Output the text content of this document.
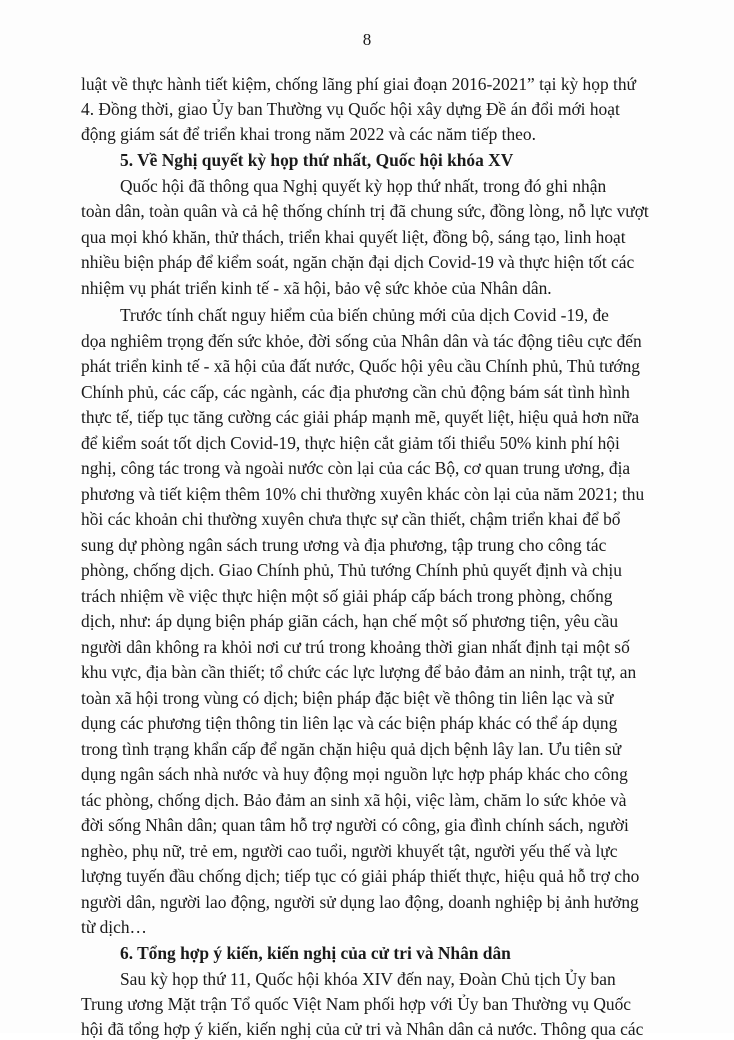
8
luật về thực hành tiết kiệm, chống lãng phí giai đoạn 2016-2021” tại kỳ họp thứ
4. Đồng thời, giao Ủy ban Thường vụ Quốc hội xây dựng Đề án đổi mới hoạt
động giám sát để triển khai trong năm 2022 và các năm tiếp theo.
5. Về Nghị quyết kỳ họp thứ nhất, Quốc hội khóa XV
Quốc hội đã thông qua Nghị quyết kỳ họp thứ nhất, trong đó ghi nhận
toàn dân, toàn quân và cả hệ thống chính trị đã chung sức, đồng lòng, nỗ lực vượt
qua mọi khó khăn, thử thách, triển khai quyết liệt, đồng bộ, sáng tạo, linh hoạt
nhiều biện pháp để kiểm soát, ngăn chặn đại dịch Covid-19 và thực hiện tốt các
nhiệm vụ phát triển kinh tế - xã hội, bảo vệ sức khỏe của Nhân dân.
Trước tính chất nguy hiểm của biến chủng mới của dịch Covid -19, đe
dọa nghiêm trọng đến sức khỏe, đời sống của Nhân dân và tác động tiêu cực đến
phát triển kinh tế - xã hội của đất nước, Quốc hội yêu cầu Chính phủ, Thủ tướng
Chính phủ, các cấp, các ngành, các địa phương cần chủ động bám sát tình hình
thực tế, tiếp tục tăng cường các giải pháp mạnh mẽ, quyết liệt, hiệu quả hơn nữa
để kiểm soát tốt dịch Covid-19, thực hiện cắt giảm tối thiểu 50% kinh phí hội
nghị, công tác trong và ngoài nước còn lại của các Bộ, cơ quan trung ương, địa
phương và tiết kiệm thêm 10% chi thường xuyên khác còn lại của năm 2021; thu
hồi các khoản chi thường xuyên chưa thực sự cần thiết, chậm triển khai để bổ
sung dự phòng ngân sách trung ương và địa phương, tập trung cho công tác
phòng, chống dịch. Giao Chính phủ, Thủ tướng Chính phủ quyết định và chịu
trách nhiệm về việc thực hiện một số giải pháp cấp bách trong phòng, chống
dịch, như: áp dụng biện pháp giãn cách, hạn chế một số phương tiện, yêu cầu
người dân không ra khỏi nơi cư trú trong khoảng thời gian nhất định tại một số
khu vực, địa bàn cần thiết; tổ chức các lực lượng để bảo đảm an ninh, trật tự, an
toàn xã hội trong vùng có dịch; biện pháp đặc biệt về thông tin liên lạc và sử
dụng các phương tiện thông tin liên lạc và các biện pháp khác có thể áp dụng
trong tình trạng khẩn cấp để ngăn chặn hiệu quả dịch bệnh lây lan. Ưu tiên sử
dụng ngân sách nhà nước và huy động mọi nguồn lực hợp pháp khác cho công
tác phòng, chống dịch. Bảo đảm an sinh xã hội, việc làm, chăm lo sức khỏe và
đời sống Nhân dân; quan tâm hỗ trợ người có công, gia đình chính sách, người
nghèo, phụ nữ, trẻ em, người cao tuổi, người khuyết tật, người yếu thế và lực
lượng tuyến đầu chống dịch; tiếp tục có giải pháp thiết thực, hiệu quả hỗ trợ cho
người dân, người lao động, người sử dụng lao động, doanh nghiệp bị ảnh hưởng
từ dịch…
6. Tổng hợp ý kiến, kiến nghị của cử tri và Nhân dân
Sau kỳ họp thứ 11, Quốc hội khóa XIV đến nay, Đoàn Chủ tịch Ủy ban
Trung ương Mặt trận Tổ quốc Việt Nam phối hợp với Ủy ban Thường vụ Quốc
hội đã tổng hợp ý kiến, kiến nghị của cử tri và Nhân dân cả nước. Thông qua các
